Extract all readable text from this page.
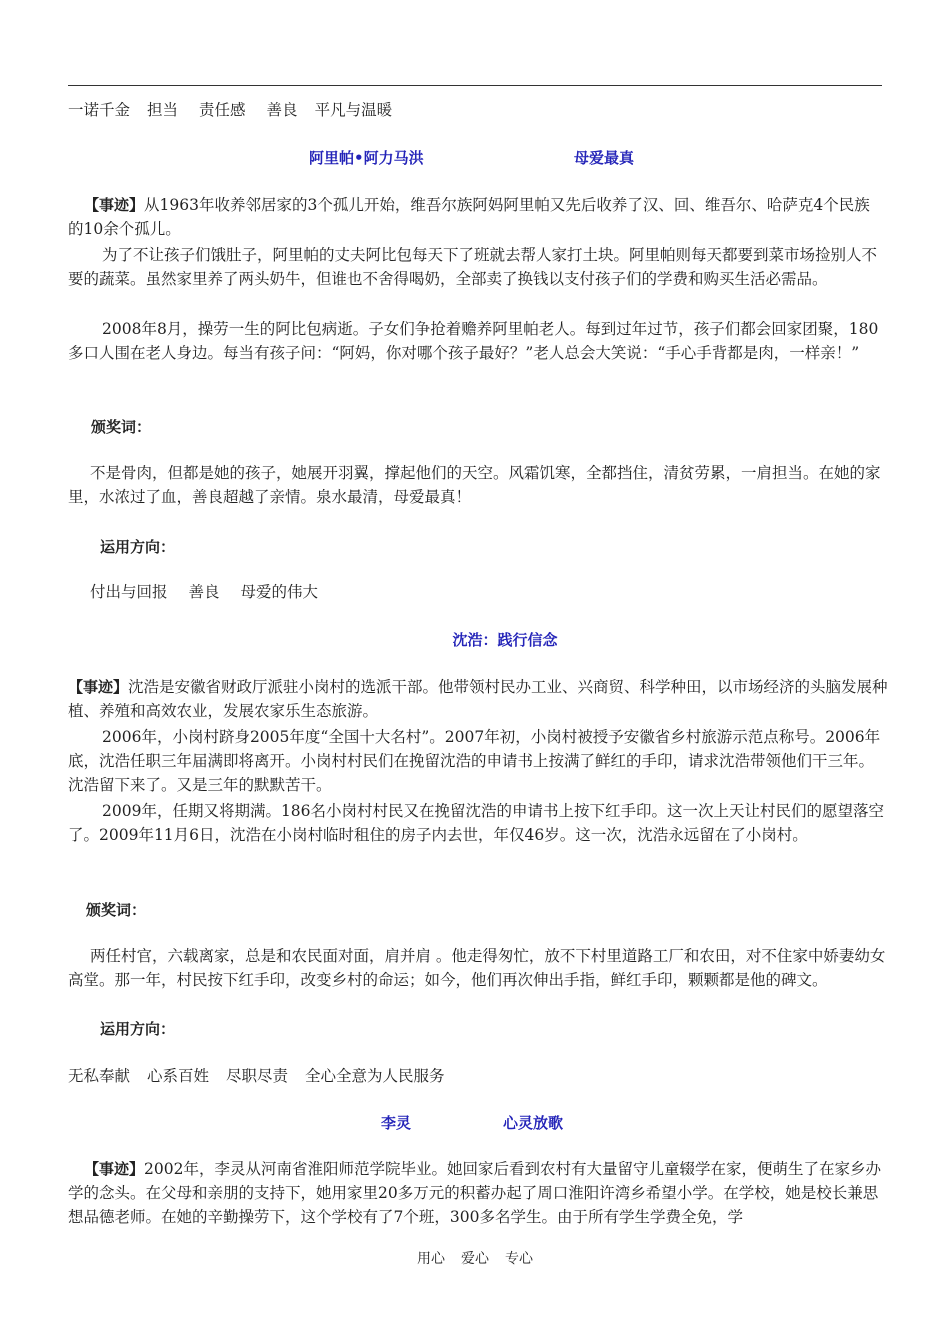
一诺千金 担当 责任感 善良 平凡与温暖
阿里帕•阿力马洪	母爱最真
【事迹】从1963年收养邻居家的3个孤儿开始，维吾尔族阿妈阿里帕又先后收养了汉、回、维吾尔、哈萨克4个民族的10余个孤儿。
为了不让孩子们饿肚子，阿里帕的丈夫阿比包每天下了班就去帮人家打土块。阿里帕则每天都要到菜市场捡别人不要的蔬菜。虽然家里养了两头奶牛，但谁也不舍得喝奶，全部卖了换钱以支付孩子们的学费和购买生活必需品。
2008年8月，操劳一生的阿比包病逝。子女们争抢着赡养阿里帕老人。每到过年过节，孩子们都会回家团聚，180多口人围在老人身边。每当有孩子问：“阿妈，你对哪个孩子最好？”老人总会大笑说：“手心手背都是肉，一样亲！”
颁奖词：
不是骨肉，但都是她的孩子，她展开羽翼，撑起他们的天空。风霜饥寒，全都挡住，清贫劳累，一肩担当。在她的家里，水浓过了血，善良超越了亲情。泉水最清，母爱最真！
运用方向：
付出与回报 善良 母爱的伟大
沈浩：践行信念
【事迹】沈浩是安徽省财政厅派驻小岗村的选派干部。他带领村民办工业、兴商贸、科学种田，以市场经济的头脑发展种植、养殖和高效农业，发展农家乐生态旅游。
2006年，小岗村跻身2005年度“全国十大名村”。2007年初，小岗村被授予安徽省乡村旅游示范点称号。2006年底，沈浩任职三年届满即将离开。小岗村村民们在挽留沈浩的申请书上按满了鲜红的手印，请求沈浩带领他们干三年。沈浩留下来了。又是三年的默默苦干。
2009年，任期又将期满。186名小岗村村民又在挽留沈浩的申请书上按下红手印。这一次上天让村民们的愿望落空了。2009年11月6日，沈浩在小岗村临时租住的房子内去世，年仅46岁。这一次，沈浩永远留在了小岗村。
颁奖词：
两任村官，六载离家，总是和农民面对面，肩并肩 。他走得匆忙，放不下村里道路工厂和农田，对不住家中娇妻幼女高堂。那一年，村民按下红手印，改变乡村的命运；如今，他们再次伸出手指，鲜红手印，颗颗都是他的碑文。
运用方向：
无私奉献 心系百姓 尽职尽责 全心全意为人民服务
李灵	心灵放歌
【事迹】2002年，李灵从河南省淮阳师范学院毕业。她回家后看到农村有大量留守儿童辍学在家，便萌生了在家乡办学的念头。在父母和亲朋的支持下，她用家里20多万元的积蓄办起了周口淮阳许湾乡希望小学。在学校，她是校长兼思想品德老师。在她的辛勤操劳下，这个学校有了7个班，300多名学生。由于所有学生学费全免，学
用心 爱心 专心
